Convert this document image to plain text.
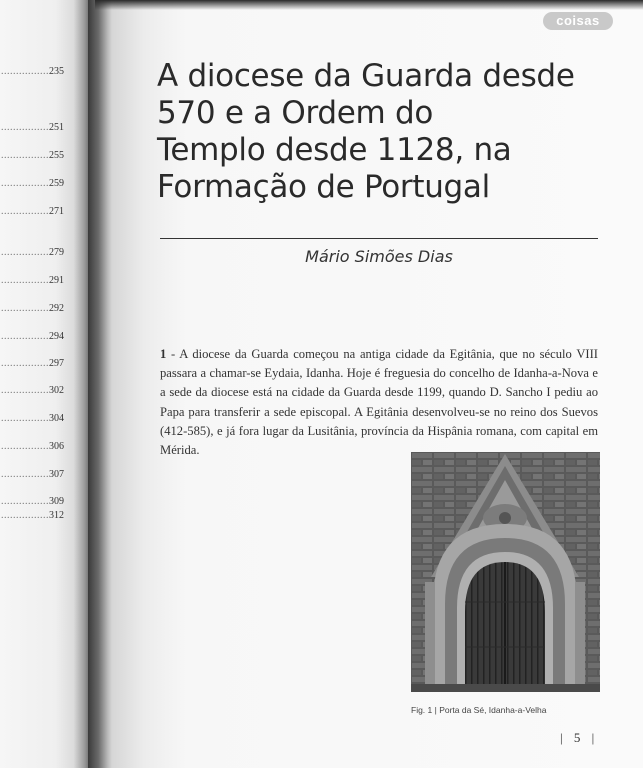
................235
................251
................255
................259
................271
................279
................291
................292
................294
................297
................302
................304
................306
................307
................309
................312
coisas
A diocese da Guarda desde
570 e a Ordem do
Templo desde 1128, na
Formação de Portugal
Mário Simões Dias

1 - A diocese da Guarda começou na antiga cidade da Egitânia, que no século VIII passara a chamar-se Eydaia, Idanha. Hoje é freguesia do concelho de Idanha-a-Nova e a sede da diocese está na cidade da Guarda desde 1199, quando D. Sancho I pediu ao Papa para transferir a sede episcopal. A Egitânia desenvolveu-se no reino dos Suevos (412-585), e já fora lugar da Lusitânia, província da Hispânia romana, com capital em Mérida.

Fig. 1 | Porta da Sé, Idanha-a-Velha
| 5 |
